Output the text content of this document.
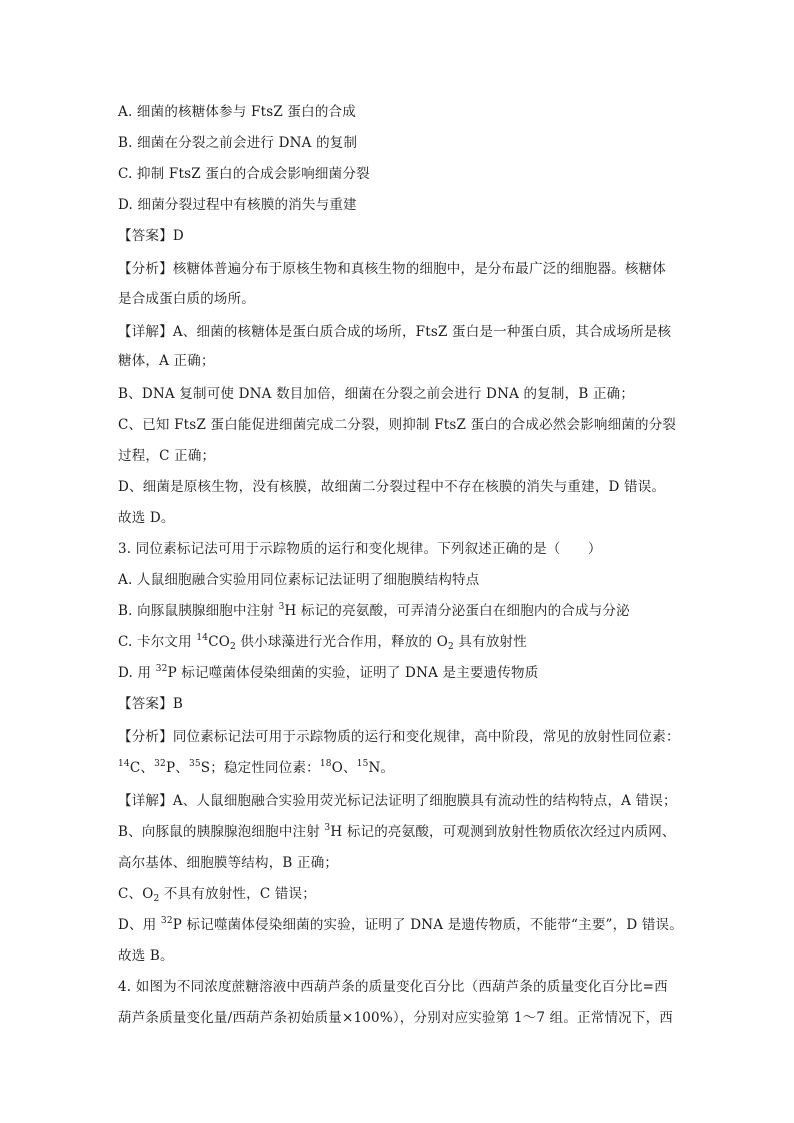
A. 细菌的核糖体参与 FtsZ 蛋白的合成
B. 细菌在分裂之前会进行 DNA 的复制
C. 抑制 FtsZ 蛋白的合成会影响细菌分裂
D. 细菌分裂过程中有核膜的消失与重建
【答案】D
【分析】核糖体普遍分布于原核生物和真核生物的细胞中，是分布最广泛的细胞器。核糖体
是合成蛋白质的场所。
【详解】A、细菌的核糖体是蛋白质合成的场所，FtsZ 蛋白是一种蛋白质，其合成场所是核
糖体，A 正确；
B、DNA 复制可使 DNA 数目加倍，细菌在分裂之前会进行 DNA 的复制，B 正确；
C、已知 FtsZ 蛋白能促进细菌完成二分裂，则抑制 FtsZ 蛋白的合成必然会影响细菌的分裂
过程，C 正确；
D、细菌是原核生物，没有核膜，故细菌二分裂过程中不存在核膜的消失与重建，D 错误。
故选 D。
3. 同位素标记法可用于示踪物质的运行和变化规律。下列叙述正确的是（　　）
A. 人鼠细胞融合实验用同位素标记法证明了细胞膜结构特点
B. 向豚鼠胰腺细胞中注射 $^3$H 标记的亮氨酸，可弄清分泌蛋白在细胞内的合成与分泌
C. 卡尔文用 $^{14}CO_2$ 供小球藻进行光合作用，释放的 $O_2$ 具有放射性
D. 用 $^{32}$P 标记噬菌体侵染细菌的实验，证明了 DNA 是主要遗传物质
【答案】B
【分析】同位素标记法可用于示踪物质的运行和变化规律，高中阶段，常见的放射性同位素：
$^{14}$C、$^{32}$P、$^{35}$S；稳定性同位素：$^{18}$O、$^{15}$N。
【详解】A、人鼠细胞融合实验用荧光标记法证明了细胞膜具有流动性的结构特点，A 错误；
B、向豚鼠的胰腺腺泡细胞中注射 $^3$H 标记的亮氨酸，可观测到放射性物质依次经过内质网、
高尔基体、细胞膜等结构，B 正确；
C、$O_2$ 不具有放射性，C 错误；
D、用 $^{32}$P 标记噬菌体侵染细菌的实验，证明了 DNA 是遗传物质，不能带“主要”，D 错误。
故选 B。
4. 如图为不同浓度蔗糖溶液中西葫芦条的质量变化百分比（西葫芦条的质量变化百分比=西
葫芦条质量变化量/西葫芦条初始质量×100%），分别对应实验第 1～7 组。正常情况下，西
